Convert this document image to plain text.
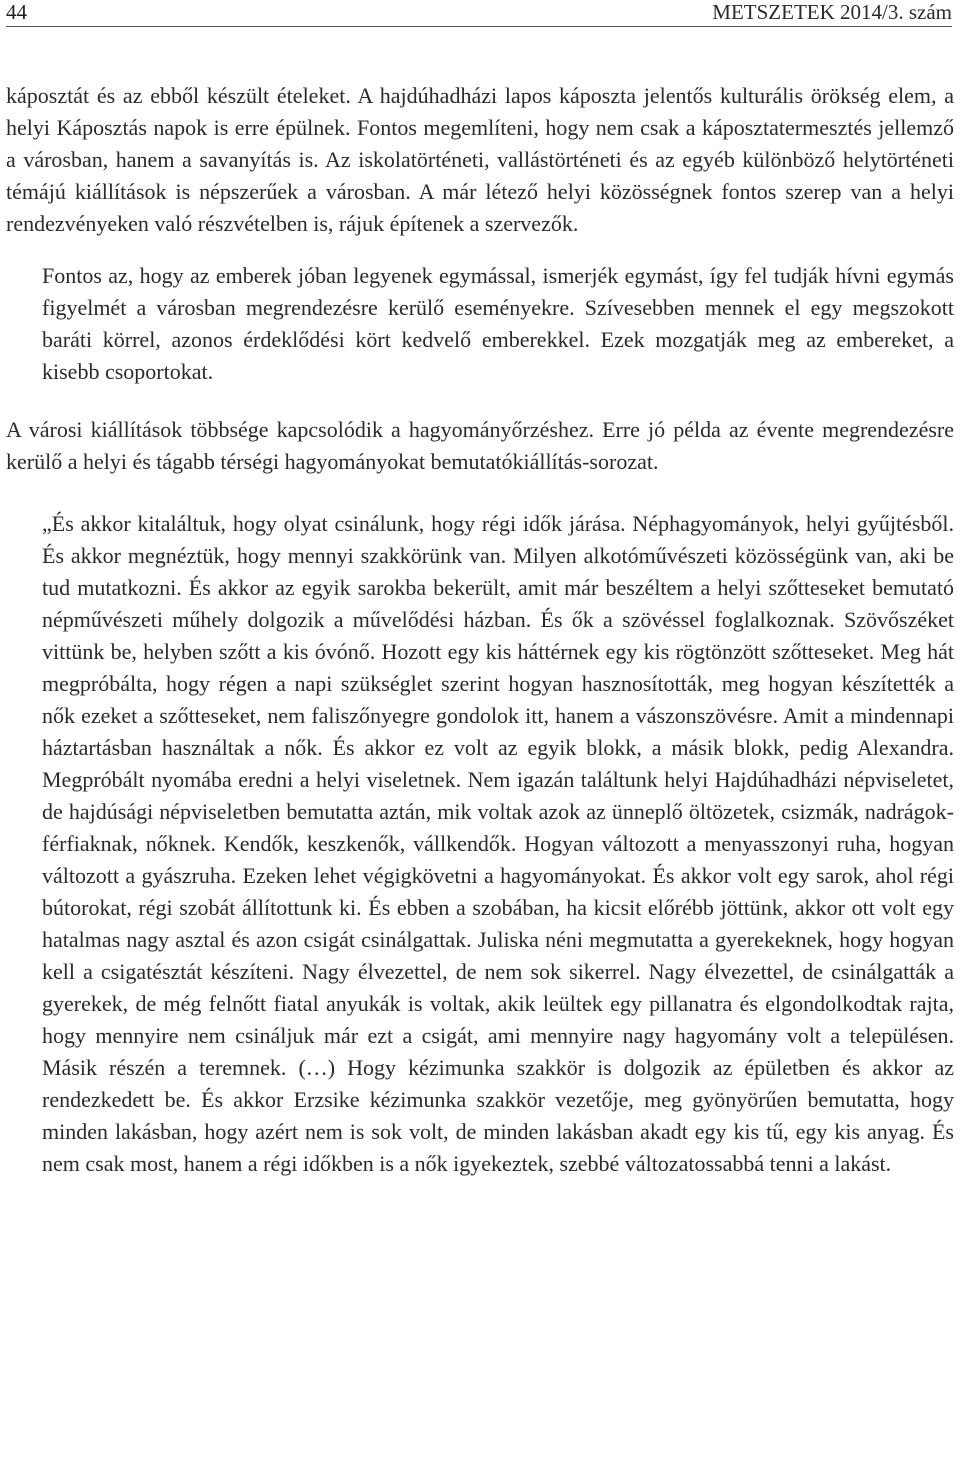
44	METSZETEK 2014/3. szám

káposztát és az ebből készült ételeket. A hajdúhadházi lapos káposzta jelentős kulturális örökség elem, a helyi Káposztás napok is erre épülnek. Fontos megemlíteni, hogy nem csak a káposztatermesztés jellemző a városban, hanem a savanyítás is. Az iskolatörténeti, vallástörténeti és az egyéb különböző helytörténeti témájú kiállítások is népszerűek a városban. A már létező helyi közösségnek fontos szerep van a helyi rendezvényeken való részvételben is, rájuk építenek a szervezők.

Fontos az, hogy az emberek jóban legyenek egymással, ismerjék egymást, így fel tudják hívni egymás figyelmét a városban megrendezésre kerülő eseményekre. Szívesebben mennek el egy megszokott baráti körrel, azonos érdeklődési kört kedvelő emberekkel. Ezek mozgatják meg az embereket, a kisebb csoportokat.

A városi kiállítások többsége kapcsolódik a hagyományőrzéshez. Erre jó példa az évente megrendezésre kerülő a helyi és tágabb térségi hagyományokat bemutatókiállítás-sorozat.

„És akkor kitaláltuk, hogy olyat csinálunk, hogy régi idők járása. Néphagyományok, helyi gyűjtésből. És akkor megnéztük, hogy mennyi szakkörünk van. Milyen alkotóművészeti közösségünk van, aki be tud mutatkozni. És akkor az egyik sarokba bekerült, amit már beszéltem a helyi szőtteseket bemutató népművészeti műhely dolgozik a művelődési házban. És ők a szövéssel foglalkoznak. Szövőszéket vittünk be, helyben szőtt a kis óvónő. Hozott egy kis háttérnek egy kis rögtönzött szőtteseket. Meg hát megpróbálta, hogy régen a napi szükséglet szerint hogyan hasznosították, meg hogyan készítették a nők ezeket a szőtteseket, nem faliszőnyegre gondolok itt, hanem a vászonszövésre. Amit a mindennapi háztartásban használtak a nők. És akkor ez volt az egyik blokk, a másik blokk, pedig Alexandra. Megpróbált nyomába eredni a helyi viseletnek. Nem igazán találtunk helyi Hajdúhadházi népviseletet, de hajdúsági népviseletben bemutatta aztán, mik voltak azok az ünneplő öltözetek, csizmák, nadrágok- férfiaknak, nőknek. Kendők, keszkenők, vállkendők. Hogyan változott a menyasszonyi ruha, hogyan változott a gyászruha. Ezeken lehet végigkövetni a hagyományokat. És akkor volt egy sarok, ahol régi bútorokat, régi szobát állítottunk ki. És ebben a szobában, ha kicsit előrébb jöttünk, akkor ott volt egy hatalmas nagy asztal és azon csigát csinálgattak. Juliska néni megmutatta a gyerekeknek, hogy hogyan kell a csigatésztát készíteni. Nagy élvezettel, de nem sok sikerrel. Nagy élvezettel, de csinálgatták a gyerekek, de még felnőtt fiatal anyukák is voltak, akik leültek egy pillanatra és elgondolkodtak rajta, hogy mennyire nem csináljuk már ezt a csigát, ami mennyire nagy hagyomány volt a településen. Másik részén a teremnek. (…) Hogy kézimunka szakkör is dolgozik az épületben és akkor az rendezkedett be. És akkor Erzsike kézimunka szakkör vezetője, meg gyönyörűen bemutatta, hogy minden lakásban, hogy azért nem is sok volt, de minden lakásban akadt egy kis tű, egy kis anyag. És nem csak most, hanem a régi időkben is a nők igyekeztek, szebbé változatossabbá tenni a lakást.
